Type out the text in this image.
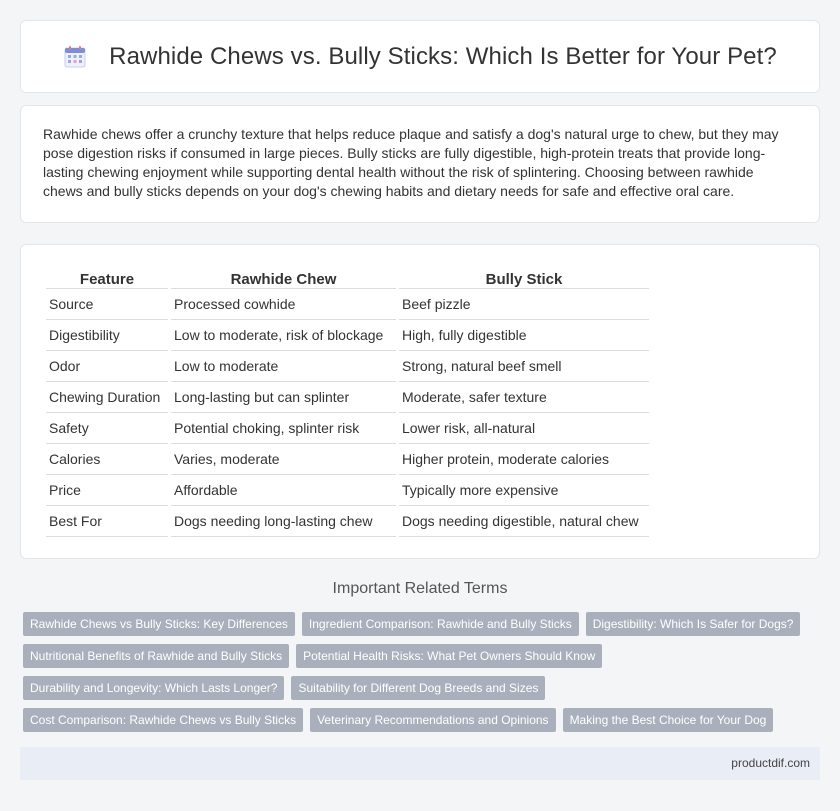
Rawhide Chews vs. Bully Sticks: Which Is Better for Your Pet?

Rawhide chews offer a crunchy texture that helps reduce plaque and satisfy a dog's natural urge to chew, but they may pose digestion risks if consumed in large pieces. Bully sticks are fully digestible, high-protein treats that provide long-lasting chewing enjoyment while supporting dental health without the risk of splintering. Choosing between rawhide chews and bully sticks depends on your dog's chewing habits and dietary needs for safe and effective oral care.

Feature	Rawhide Chew	Bully Stick
Source	Processed cowhide	Beef pizzle
Digestibility	Low to moderate, risk of blockage	High, fully digestible
Odor	Low to moderate	Strong, natural beef smell
Chewing Duration	Long-lasting but can splinter	Moderate, safer texture
Safety	Potential choking, splinter risk	Lower risk, all-natural
Calories	Varies, moderate	Higher protein, moderate calories
Price	Affordable	Typically more expensive
Best For	Dogs needing long-lasting chew	Dogs needing digestible, natural chew
Important Related Terms
Rawhide Chews vs Bully Sticks: Key Differences	Ingredient Comparison: Rawhide and Bully Sticks	Digestibility: Which Is Safer for Dogs?
Nutritional Benefits of Rawhide and Bully Sticks	Potential Health Risks: What Pet Owners Should Know
Durability and Longevity: Which Lasts Longer?	Suitability for Different Dog Breeds and Sizes
Cost Comparison: Rawhide Chews vs Bully Sticks	Veterinary Recommendations and Opinions	Making the Best Choice for Your Dog
productdif.com
